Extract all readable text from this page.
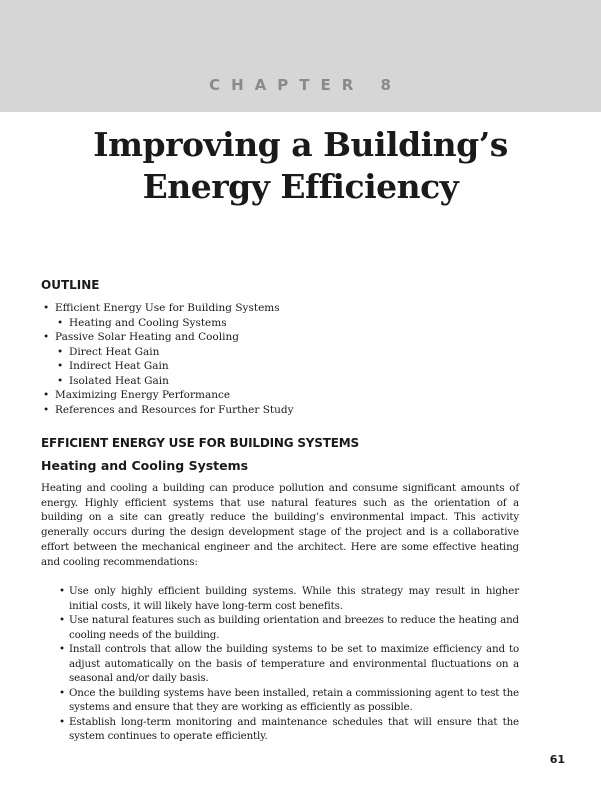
CHAPTER 8
Improving a Building’s
Energy Efficiency
OUTLINE
• Efficient Energy Use for Building Systems
• Heating and Cooling Systems
• Passive Solar Heating and Cooling
• Direct Heat Gain
• Indirect Heat Gain
• Isolated Heat Gain
• Maximizing Energy Performance
• References and Resources for Further Study
EFFICIENT ENERGY USE FOR BUILDING SYSTEMS
Heating and Cooling Systems

Heating and cooling a building can produce pollution and consume significant amounts of energy. Highly efficient systems that use natural features such as the orientation of a building on a site can greatly reduce the building’s environmental impact. This activity generally occurs during the design development stage of the project and is a collaborative effort between the mechanical engineer and the architect. Here are some effective heating and cooling recommendations:

• Use only highly efficient building systems. While this strategy may result in higher initial costs, it will likely have long-term cost benefits.
• Use natural features such as building orientation and breezes to reduce the heating and cooling needs of the building.
• Install controls that allow the building systems to be set to maximize efficiency and to adjust automatically on the basis of temperature and environmental fluctuations on a seasonal and/or daily basis.
• Once the building systems have been installed, retain a commissioning agent to test the systems and ensure that they are working as efficiently as possible.
• Establish long-term monitoring and maintenance schedules that will ensure that the system continues to operate efficiently.
61
